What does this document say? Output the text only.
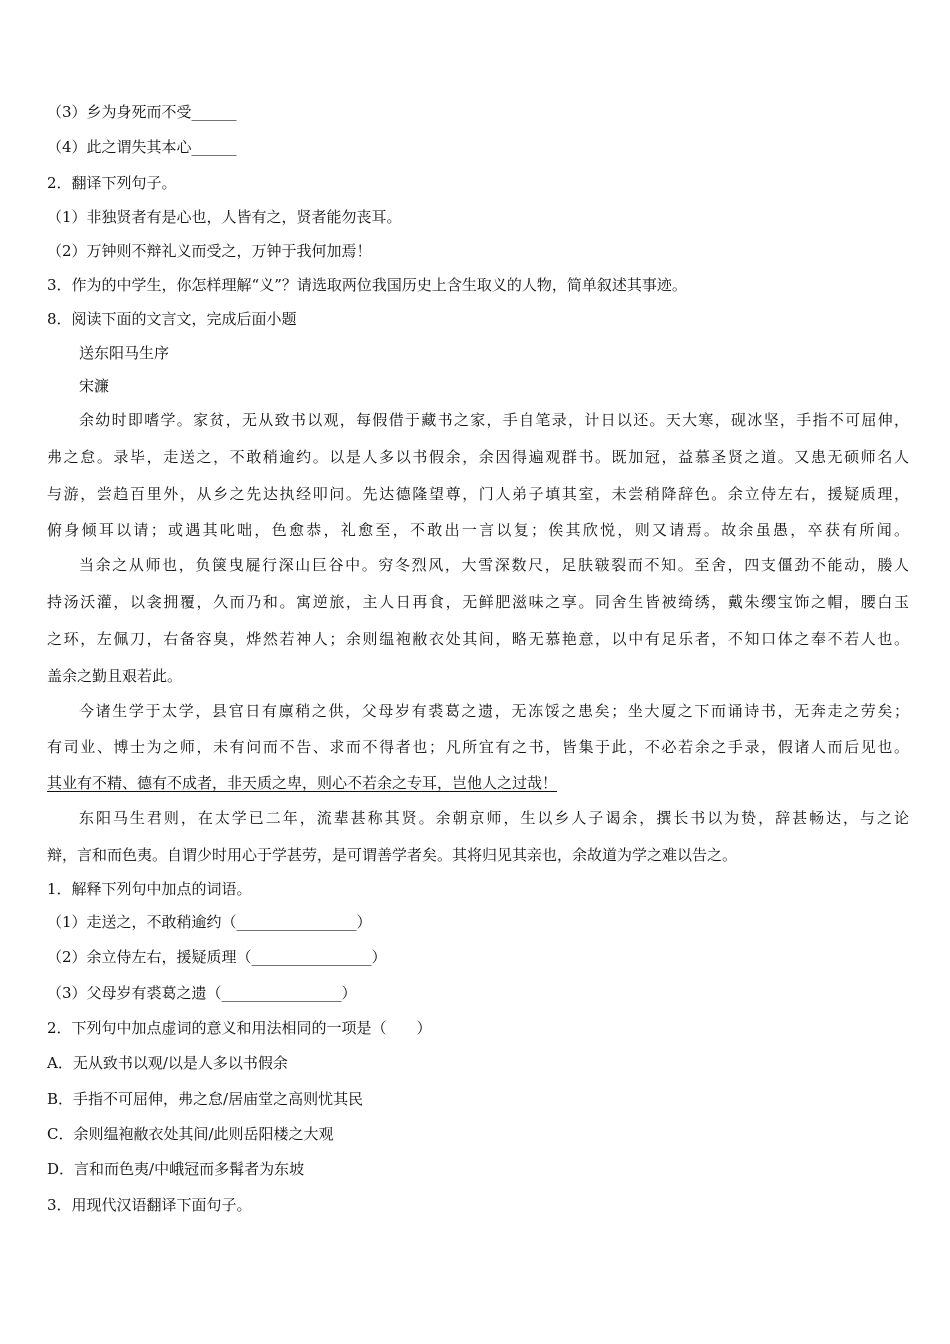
（3）乡为身死而不受______
（4）此之谓失其本心______
2．翻译下列句子。
（1）非独贤者有是心也，人皆有之，贤者能勿丧耳。
（2）万钟则不辩礼义而受之，万钟于我何加焉！
3．作为的中学生，你怎样理解“义”？请选取两位我国历史上含生取义的人物，简单叙述其事迹。
8．阅读下面的文言文，完成后面小题
送东阳马生序
宋濂
余幼时即嗜学。家贫，无从致书以观，每假借于藏书之家，手自笔录，计日以还。天大寒，砚冰坚，手指不可屈伸，
弗之怠。录毕，走送之，不敢稍逾约。以是人多以书假余，余因得遍观群书。既加冠，益慕圣贤之道。又患无硕师名人
与游，尝趋百里外，从乡之先达执经叩问。先达德隆望尊，门人弟子填其室，未尝稍降辞色。余立侍左右，援疑质理，
俯身倾耳以请；或遇其叱咄，色愈恭，礼愈至，不敢出一言以复；俟其欣悦，则又请焉。故余虽愚，卒获有所闻。
当余之从师也，负箧曳屣行深山巨谷中。穷冬烈风，大雪深数尺，足肤皲裂而不知。至舍，四支僵劲不能动，媵人
持汤沃灌，以衾拥覆，久而乃和。寓逆旅，主人日再食，无鲜肥滋味之享。同舍生皆被绮绣，戴朱缨宝饰之帽，腰白玉
之环，左佩刀，右备容臭，烨然若神人；余则缊袍敝衣处其间，略无慕艳意，以中有足乐者，不知口体之奉不若人也。
盖余之勤且艰若此。
今诸生学于太学，县官日有廪稍之供，父母岁有裘葛之遗，无冻馁之患矣；坐大厦之下而诵诗书，无奔走之劳矣；
有司业、博士为之师，未有问而不告、求而不得者也；凡所宜有之书，皆集于此，不必若余之手录，假诸人而后见也。
其业有不精、德有不成者，非天质之卑，则心不若余之专耳，岂他人之过哉！
东阳马生君则，在太学已二年，流辈甚称其贤。余朝京师，生以乡人子谒余，撰长书以为贽，辞甚畅达，与之论
辩，言和而色夷。自谓少时用心于学甚劳，是可谓善学者矣。其将归见其亲也，余故道为学之难以告之。
1．解释下列句中加点的词语。
（1）走送之，不敢稍逾约（________________）
（2）余立侍左右，援疑质理（________________）
（3）父母岁有裘葛之遗（________________）
2．下列句中加点虚词的意义和用法相同的一项是（　　）
A．无从致书以观/以是人多以书假余
B．手指不可屈伸，弗之怠/居庙堂之高则忧其民
C．余则缊袍敝衣处其间/此则岳阳楼之大观
D．言和而色夷/中峨冠而多髯者为东坡
3．用现代汉语翻译下面句子。
